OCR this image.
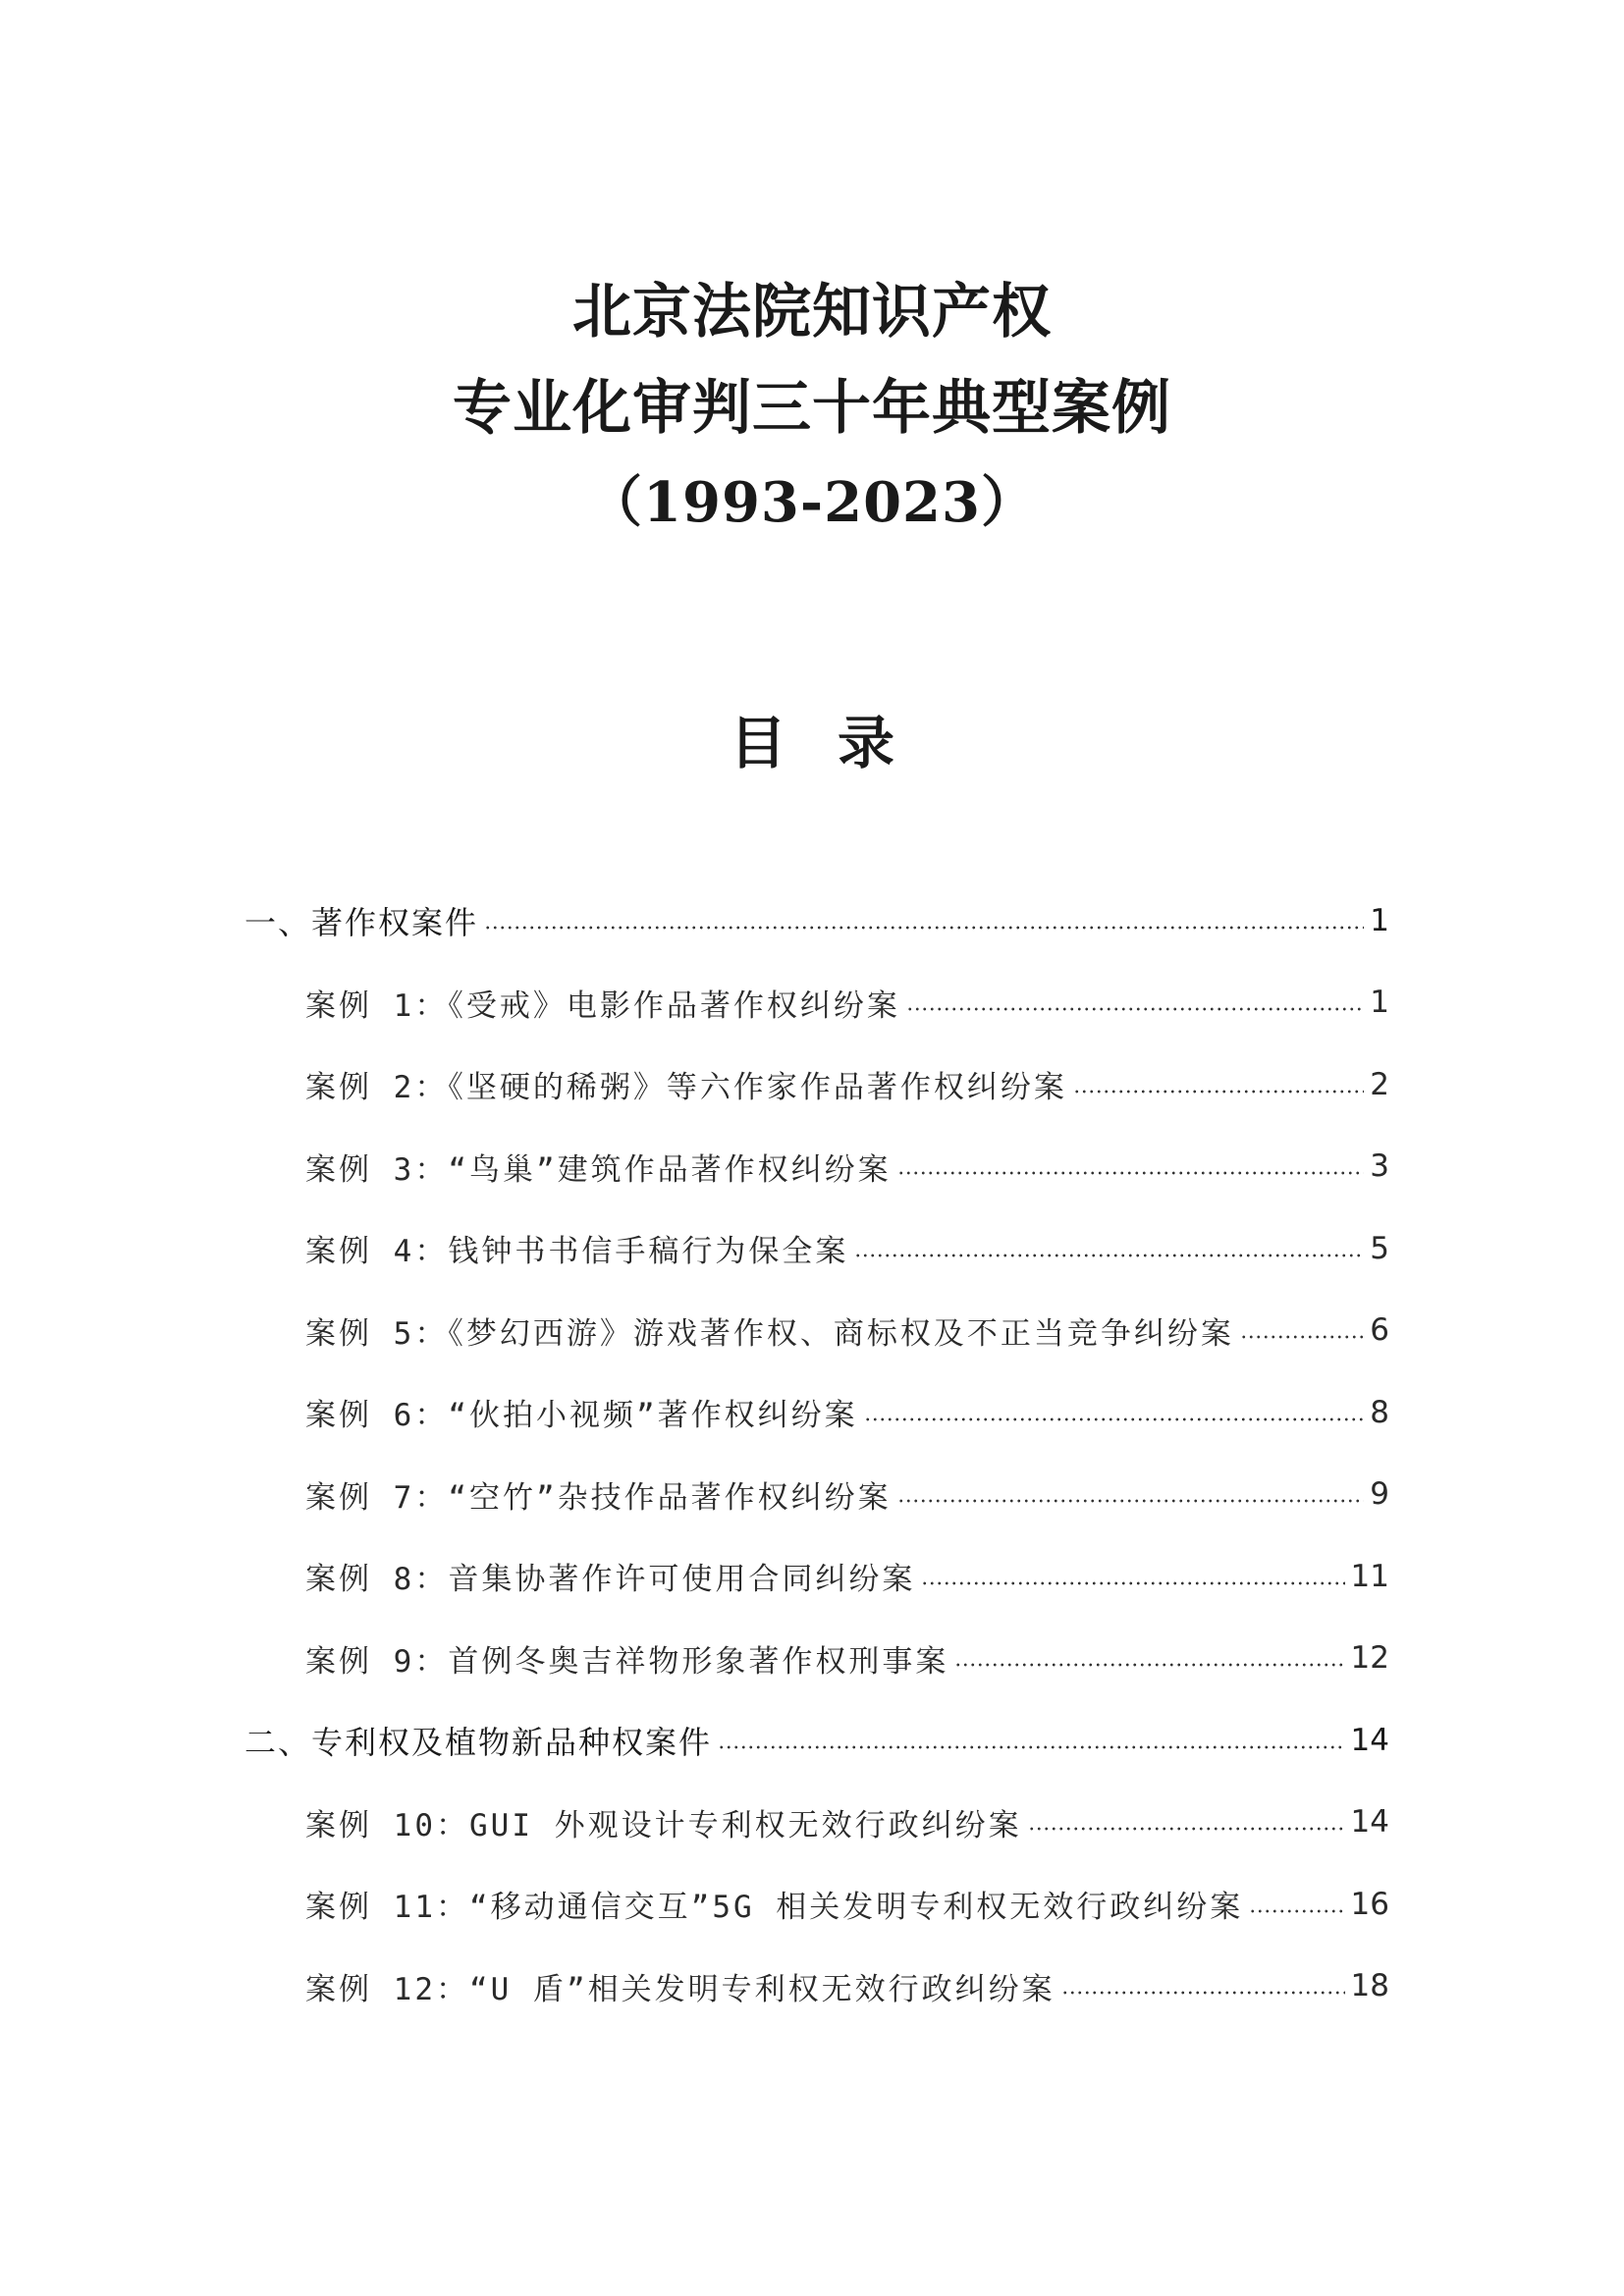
北京法院知识产权
专业化审判三十年典型案例
（1993-2023）
目录
一、著作权案件	1
案例 1：《受戒》电影作品著作权纠纷案	1
案例 2：《坚硬的稀粥》等六作家作品著作权纠纷案	2
案例 3：“鸟巢”建筑作品著作权纠纷案	3
案例 4：钱钟书书信手稿行为保全案	5
案例 5：《梦幻西游》游戏著作权、商标权及不正当竞争纠纷案	6
案例 6：“伙拍小视频”著作权纠纷案	8
案例 7：“空竹”杂技作品著作权纠纷案	9
案例 8：音集协著作许可使用合同纠纷案	11
案例 9：首例冬奥吉祥物形象著作权刑事案	12
二、专利权及植物新品种权案件	14
案例 10：GUI 外观设计专利权无效行政纠纷案	14
案例 11：“移动通信交互”5G 相关发明专利权无效行政纠纷案	16
案例 12：“U 盾”相关发明专利权无效行政纠纷案	18
